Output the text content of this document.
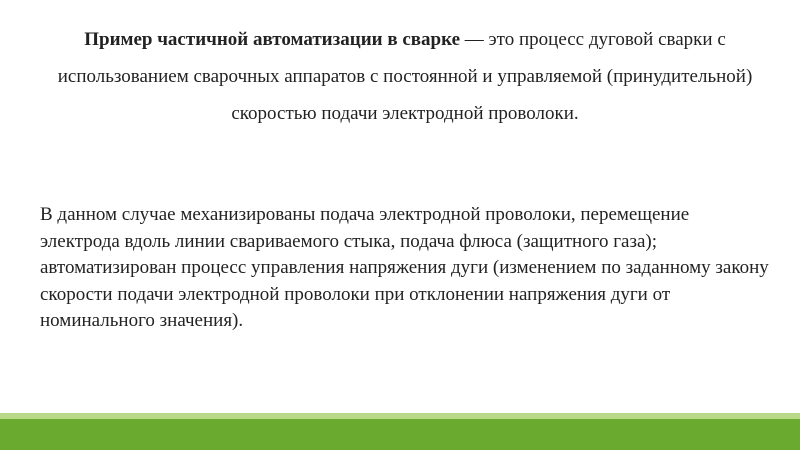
Пример частичной автоматизации в сварке — это процесс дуговой сварки с использованием сварочных аппаратов с постоянной и управляемой (принудительной) скоростью подачи электродной проволоки.

В данном случае механизированы подача электродной проволоки, перемещение электрода вдоль линии свариваемого стыка, подача флюса (защитного газа); автоматизирован процесс управления напряжения дуги (изменением по заданному закону скорости подачи электродной проволоки при отклонении напряжения дуги от номинального значения).
